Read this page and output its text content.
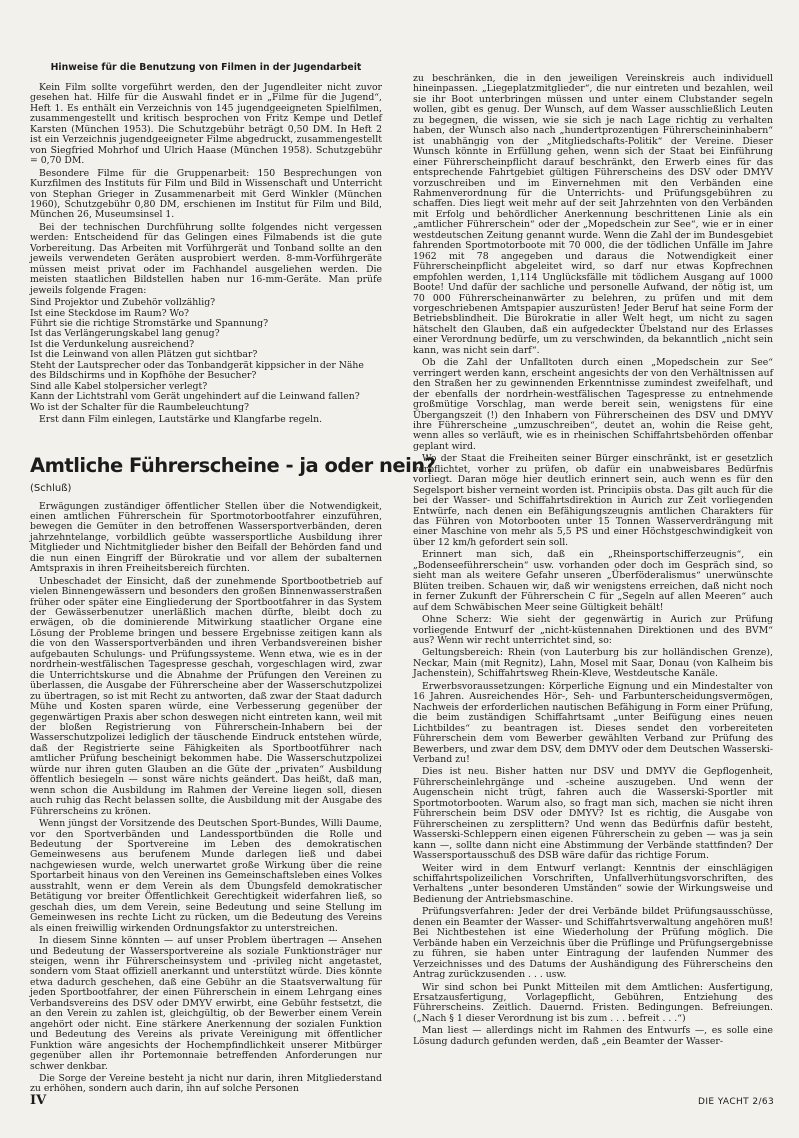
Hinweise für die Benutzung von Filmen in der Jugendarbeit

Kein Film sollte vorgeführt werden, den der Jugendleiter nicht zuvor gesehen hat. Hilfe für die Auswahl findet er in „Filme für die Jugend“, Heft 1. Es enthält ein Verzeichnis von 145 jugendgeeigneten Spielfilmen, zusammengestellt und kritisch besprochen von Fritz Kempe und Detlef Karsten (München 1953). Die Schutzgebühr beträgt 0,50 DM. In Heft 2 ist ein Verzeichnis jugendgeeigneter Filme abgedruckt, zusammengestellt von Siegfried Mohrhof und Ulrich Haase (München 1958). Schutzgebühr = 0,70 DM.

Besondere Filme für die Gruppenarbeit: 150 Besprechungen von Kurzfilmen des Instituts für Film und Bild in Wissenschaft und Unterricht von Stephan Grieger in Zusammenarbeit mit Gerd Winkler (München 1960), Schutzgebühr 0,80 DM, erschienen im Institut für Film und Bild, München 26, Museumsinsel 1.

Bei der technischen Durchführung sollte folgendes nicht vergessen werden: Entscheidend für das Gelingen eines Filmabends ist die gute Vorbereitung. Das Arbeiten mit Vorführgerät und Tonband sollte an den jeweils verwendeten Geräten ausprobiert werden. 8-mm-Vorführgeräte müssen meist privat oder im Fachhandel ausgeliehen werden. Die meisten staatlichen Bildstellen haben nur 16-mm-Geräte. Man prüfe jeweils folgende Fragen:

Sind Projektor und Zubehör vollzählig?
Ist eine Steckdose im Raum? Wo?
Führt sie die richtige Stromstärke und Spannung?
Ist das Verlängerungskabel lang genug?
Ist die Verdunkelung ausreichend?
Ist die Leinwand von allen Plätzen gut sichtbar?
Steht der Lautsprecher oder das Tonbandgerät kippsicher in der Nähe des Bildschirms und in Kopfhöhe der Besucher?
Sind alle Kabel stolpersicher verlegt?
Kann der Lichtstrahl vom Gerät ungehindert auf die Leinwand fallen?
Wo ist der Schalter für die Raumbeleuchtung?

Erst dann Film einlegen, Lautstärke und Klangfarbe regeln.

Amtliche Führerscheine - ja oder nein?
(Schluß)

Erwägungen zuständiger öffentlicher Stellen über die Notwendigkeit, einen amtlichen Führerschein für Sportmotorbootfahrer einzuführen, bewegen die Gemüter in den betroffenen Wassersportverbänden, deren jahrzehntelange, vorbildlich geübte wassersportliche Ausbildung ihrer Mitglieder und Nichtmitglieder bisher den Beifall der Behörden fand und die nun einen Eingriff der Bürokratie und vor allem der subalternen Amtspraxis in ihren Freiheitsbereich fürchten.

Unbeschadet der Einsicht, daß der zunehmende Sportbootbetrieb auf vielen Binnengewässern und besonders den großen Binnenwasserstraßen früher oder später eine Eingliederung der Sportbootfahrer in das System der Gewässerbenutzer unerläßlich machen dürfte, bleibt doch zu erwägen, ob die dominierende Mitwirkung staatlicher Organe eine Lösung der Probleme bringen und bessere Ergebnisse zeitigen kann als die von den Wassersportverbänden und ihren Verbandsvereinen bisher aufgebauten Schulungs- und Prüfungssysteme. Wenn etwa, wie es in der nordrhein-westfälischen Tagespresse geschah, vorgeschlagen wird, zwar die Unterrichtskurse und die Abnahme der Prüfungen den Vereinen zu überlassen, die Ausgabe der Führerscheine aber der Wasserschutzpolizei zu übertragen, so ist mit Recht zu antworten, daß zwar der Staat dadurch Mühe und Kosten sparen würde, eine Verbesserung gegenüber der gegenwärtigen Praxis aber schon deswegen nicht eintreten kann, weil mit der bloßen Registrierung von Führerschein-Inhabern bei der Wasserschutzpolizei lediglich der täuschende Eindruck entstehen würde, daß der Registrierte seine Fähigkeiten als Sportbootführer nach amtlicher Prüfung bescheinigt bekommen habe. Die Wasserschutzpolizei würde nur ihren guten Glauben an die Güte der „privaten“ Ausbildung öffentlich besiegeln — sonst wäre nichts geändert. Das heißt, daß man, wenn schon die Ausbildung im Rahmen der Vereine liegen soll, diesen auch ruhig das Recht belassen sollte, die Ausbildung mit der Ausgabe des Führerscheins zu krönen.

Wenn jüngst der Vorsitzende des Deutschen Sport-Bundes, Willi Daume, vor den Sportverbänden und Landessportbünden die Rolle und Bedeutung der Sportvereine im Leben des demokratischen Gemeinwesens aus berufenem Munde darlegen ließ und dabei nachgewiesen wurde, welch unerwartet große Wirkung über die reine Sportarbeit hinaus von den Vereinen ins Gemeinschaftsleben eines Volkes ausstrahlt, wenn er dem Verein als dem Übungsfeld demokratischer Betätigung vor breiter Öffentlichkeit Gerechtigkeit widerfahren ließ, so geschah dies, um dem Verein, seine Bedeutung und seine Stellung im Gemeinwesen ins rechte Licht zu rücken, um die Bedeutung des Vereins als einen freiwillig wirkenden Ordnungsfaktor zu unterstreichen.

In diesem Sinne könnten — auf unser Problem übertragen — Ansehen und Bedeutung der Wassersportvereine als soziale Funktionsträger nur steigen, wenn ihr Führerscheinsystem und -privileg nicht angetastet, sondern vom Staat offiziell anerkannt und unterstützt würde. Dies könnte etwa dadurch geschehen, daß eine Gebühr an die Staatsverwaltung für jeden Sportbootfahrer, der einen Führerschein in einem Lehrgang eines Verbandsvereins des DSV oder DMYV erwirbt, eine Gebühr festsetzt, die an den Verein zu zahlen ist, gleichgültig, ob der Bewerber einem Verein angehört oder nicht. Eine stärkere Anerkennung der sozialen Funktion und Bedeutung des Vereins als private Vereinigung mit öffentlicher Funktion wäre angesichts der Hochempfindlichkeit unserer Mitbürger gegenüber allen ihr Portemonnaie betreffenden Anforderungen nur schwer denkbar.

Die Sorge der Vereine besteht ja nicht nur darin, ihren Mitgliederstand zu erhöhen, sondern auch darin, ihn auf solche Personen

zu beschränken, die in den jeweiligen Vereinskreis auch individuell hineinpassen. „Liegeplatzmitglieder“, die nur eintreten und bezahlen, weil sie ihr Boot unterbringen müssen und unter einem Clubstander segeln wollen, gibt es genug. Der Wunsch, auf dem Wasser ausschließlich Leuten zu begegnen, die wissen, wie sie sich je nach Lage richtig zu verhalten haben, der Wunsch also nach „hundertprozentigen Führerscheininhabern“ ist unabhängig von der „Mitgliedschafts-Politik“ der Vereine. Dieser Wunsch könnte in Erfüllung gehen, wenn sich der Staat bei Einführung einer Führerscheinpflicht darauf beschränkt, den Erwerb eines für das entsprechende Fahrtgebiet gültigen Führerscheins des DSV oder DMYV vorzuschreiben und im Einvernehmen mit den Verbänden eine Rahmenverordnung für die Unterrichts- und Prüfungsgebühren zu schaffen. Dies liegt weit mehr auf der seit Jahrzehnten von den Verbänden mit Erfolg und behördlicher Anerkennung beschrittenen Linie als ein „amtlicher Führerschein“ oder der „Mopedschein zur See“, wie er in einer westdeutschen Zeitung genannt wurde. Wenn die Zahl der im Bundesgebiet fahrenden Sportmotorboote mit 70 000, die der tödlichen Unfälle im Jahre 1962 mit 78 angegeben und daraus die Notwendigkeit einer Führerscheinpflicht abgeleitet wird, so darf nur etwas Kopfrechnen empfohlen werden, 1,114 Unglücksfälle mit tödlichem Ausgang auf 1000 Boote! Und dafür der sachliche und personelle Aufwand, der nötig ist, um 70 000 Führerscheinanwärter zu belehren, zu prüfen und mit dem vorgeschriebenen Amtspapier auszurüsten! Jeder Beruf hat seine Form der Betriebsblindheit. Die Bürokratie in aller Welt hegt, um nicht zu sagen hätschelt den Glauben, daß ein aufgedeckter Übelstand nur des Erlasses einer Verordnung bedürfe, um zu verschwinden, da bekanntlich „nicht sein kann, was nicht sein darf“.

Ob die Zahl der Unfalltoten durch einen „Mopedschein zur See“ verringert werden kann, erscheint angesichts der von den Verhältnissen auf den Straßen her zu gewinnenden Erkenntnisse zumindest zweifelhaft, und der ebenfalls der nordrhein-westfälischen Tagespresse zu entnehmende großmütige Vorschlag, man werde bereit sein, wenigstens für eine Übergangszeit (!) den Inhabern von Führerscheinen des DSV und DMYV ihre Führerscheine „umzuschreiben“, deutet an, wohin die Reise geht, wenn alles so verläuft, wie es in rheinischen Schiffahrtsbehörden offenbar geplant wird.

Wo der Staat die Freiheiten seiner Bürger einschränkt, ist er gesetzlich verpflichtet, vorher zu prüfen, ob dafür ein unabweisbares Bedürfnis vorliegt. Daran möge hier deutlich erinnert sein, auch wenn es für den Segelsport bisher verneint worden ist. Principiis obsta. Das gilt auch für die bei der Wasser- und Schiffahrtsdirektion in Aurich zur Zeit vorliegenden Entwürfe, nach denen ein Befähigungszeugnis amtlichen Charakters für das Führen von Motorbooten unter 15 Tonnen Wasserverdrängung mit einer Maschine von mehr als 5,5 PS und einer Höchstgeschwindigkeit von über 12 km/h gefordert sein soll.

Erinnert man sich, daß ein „Rheinsportschifferzeugnis“, ein „Bodenseeführerschein“ usw. vorhanden oder doch im Gespräch sind, so sieht man als weitere Gefahr unseren „Überföderalismus“ unerwünschte Blüten treiben. Schauen wir, daß wir wenigstens erreichen, daß nicht noch in ferner Zukunft der Führerschein C für „Segeln auf allen Meeren“ auch auf dem Schwäbischen Meer seine Gültigkeit behält!

Ohne Scherz: Wie sieht der gegenwärtig in Aurich zur Prüfung vorliegende Entwurf der „nicht-küstennahen Direktionen und des BVM“ aus? Wenn wir recht unterrichtet sind, so:

Geltungsbereich: Rhein (von Lauterburg bis zur holländischen Grenze), Neckar, Main (mit Regnitz), Lahn, Mosel mit Saar, Donau (von Kalheim bis Jachenstein), Schiffahrtsweg Rhein-Kleve, Westdeutsche Kanäle.

Erwerbsvoraussetzungen: Körperliche Eignung und ein Mindestalter von 16 Jahren. Ausreichendes Hör-, Seh- und Farbunterscheidungsvermögen, Nachweis der erforderlichen nautischen Befähigung in Form einer Prüfung, die beim zuständigen Schiffahrtsamt „unter Beifügung eines neuen Lichtbildes“ zu beantragen ist. Dieses sendet den vorbereiteten Führerschein dem vom Bewerber gewählten Verband zur Prüfung des Bewerbers, und zwar dem DSV, dem DMYV oder dem Deutschen Wasserski-Verband zu!

Dies ist neu. Bisher hatten nur DSV und DMYV die Gepflogenheit, Führerscheinlehrgänge und -scheine auszugeben. Und wenn der Augenschein nicht trügt, fahren auch die Wasserski-Sportler mit Sportmotorbooten. Warum also, so fragt man sich, machen sie nicht ihren Führerschein beim DSV oder DMYV? Ist es richtig, die Ausgabe von Führerscheinen zu zersplittern? Und wenn das Bedürfnis dafür besteht, Wasserski-Schleppern einen eigenen Führerschein zu geben — was ja sein kann —, sollte dann nicht eine Abstimmung der Verbände stattfinden? Der Wassersportausschuß des DSB wäre dafür das richtige Forum.

Weiter wird in dem Entwurf verlangt: Kenntnis der einschlägigen schiffahrtspolizeilichen Vorschriften, Unfallverhütungsvorschriften, des Verhaltens „unter besonderen Umständen“ sowie der Wirkungsweise und Bedienung der Antriebsmaschine.

Prüfungsverfahren: Jeder der drei Verbände bildet Prüfungsausschüsse, denen ein Beamter der Wasser- und Schiffahrtsverwaltung angehören muß! Bei Nichtbestehen ist eine Wiederholung der Prüfung möglich. Die Verbände haben ein Verzeichnis über die Prüflinge und Prüfungsergebnisse zu führen, sie haben unter Eintragung der laufenden Nummer des Verzeichnisses und des Datums der Aushändigung des Führerscheins den Antrag zurückzusenden . . . usw.

Wir sind schon bei Punkt Mitteilen mit dem Amtlichen: Ausfertigung, Ersatzausfertigung, Vorlagepflicht, Gebühren, Entziehung des Führerscheins. Zeitlich. Dauernd. Fristen. Bedingungen. Befreiungen. („Nach § 1 dieser Verordnung ist bis zum . . . befreit . . .“)

Man liest — allerdings nicht im Rahmen des Entwurfs —, es solle eine Lösung dadurch gefunden werden, daß „ein Beamter der Wasser-

IV	DIE YACHT 2/63
